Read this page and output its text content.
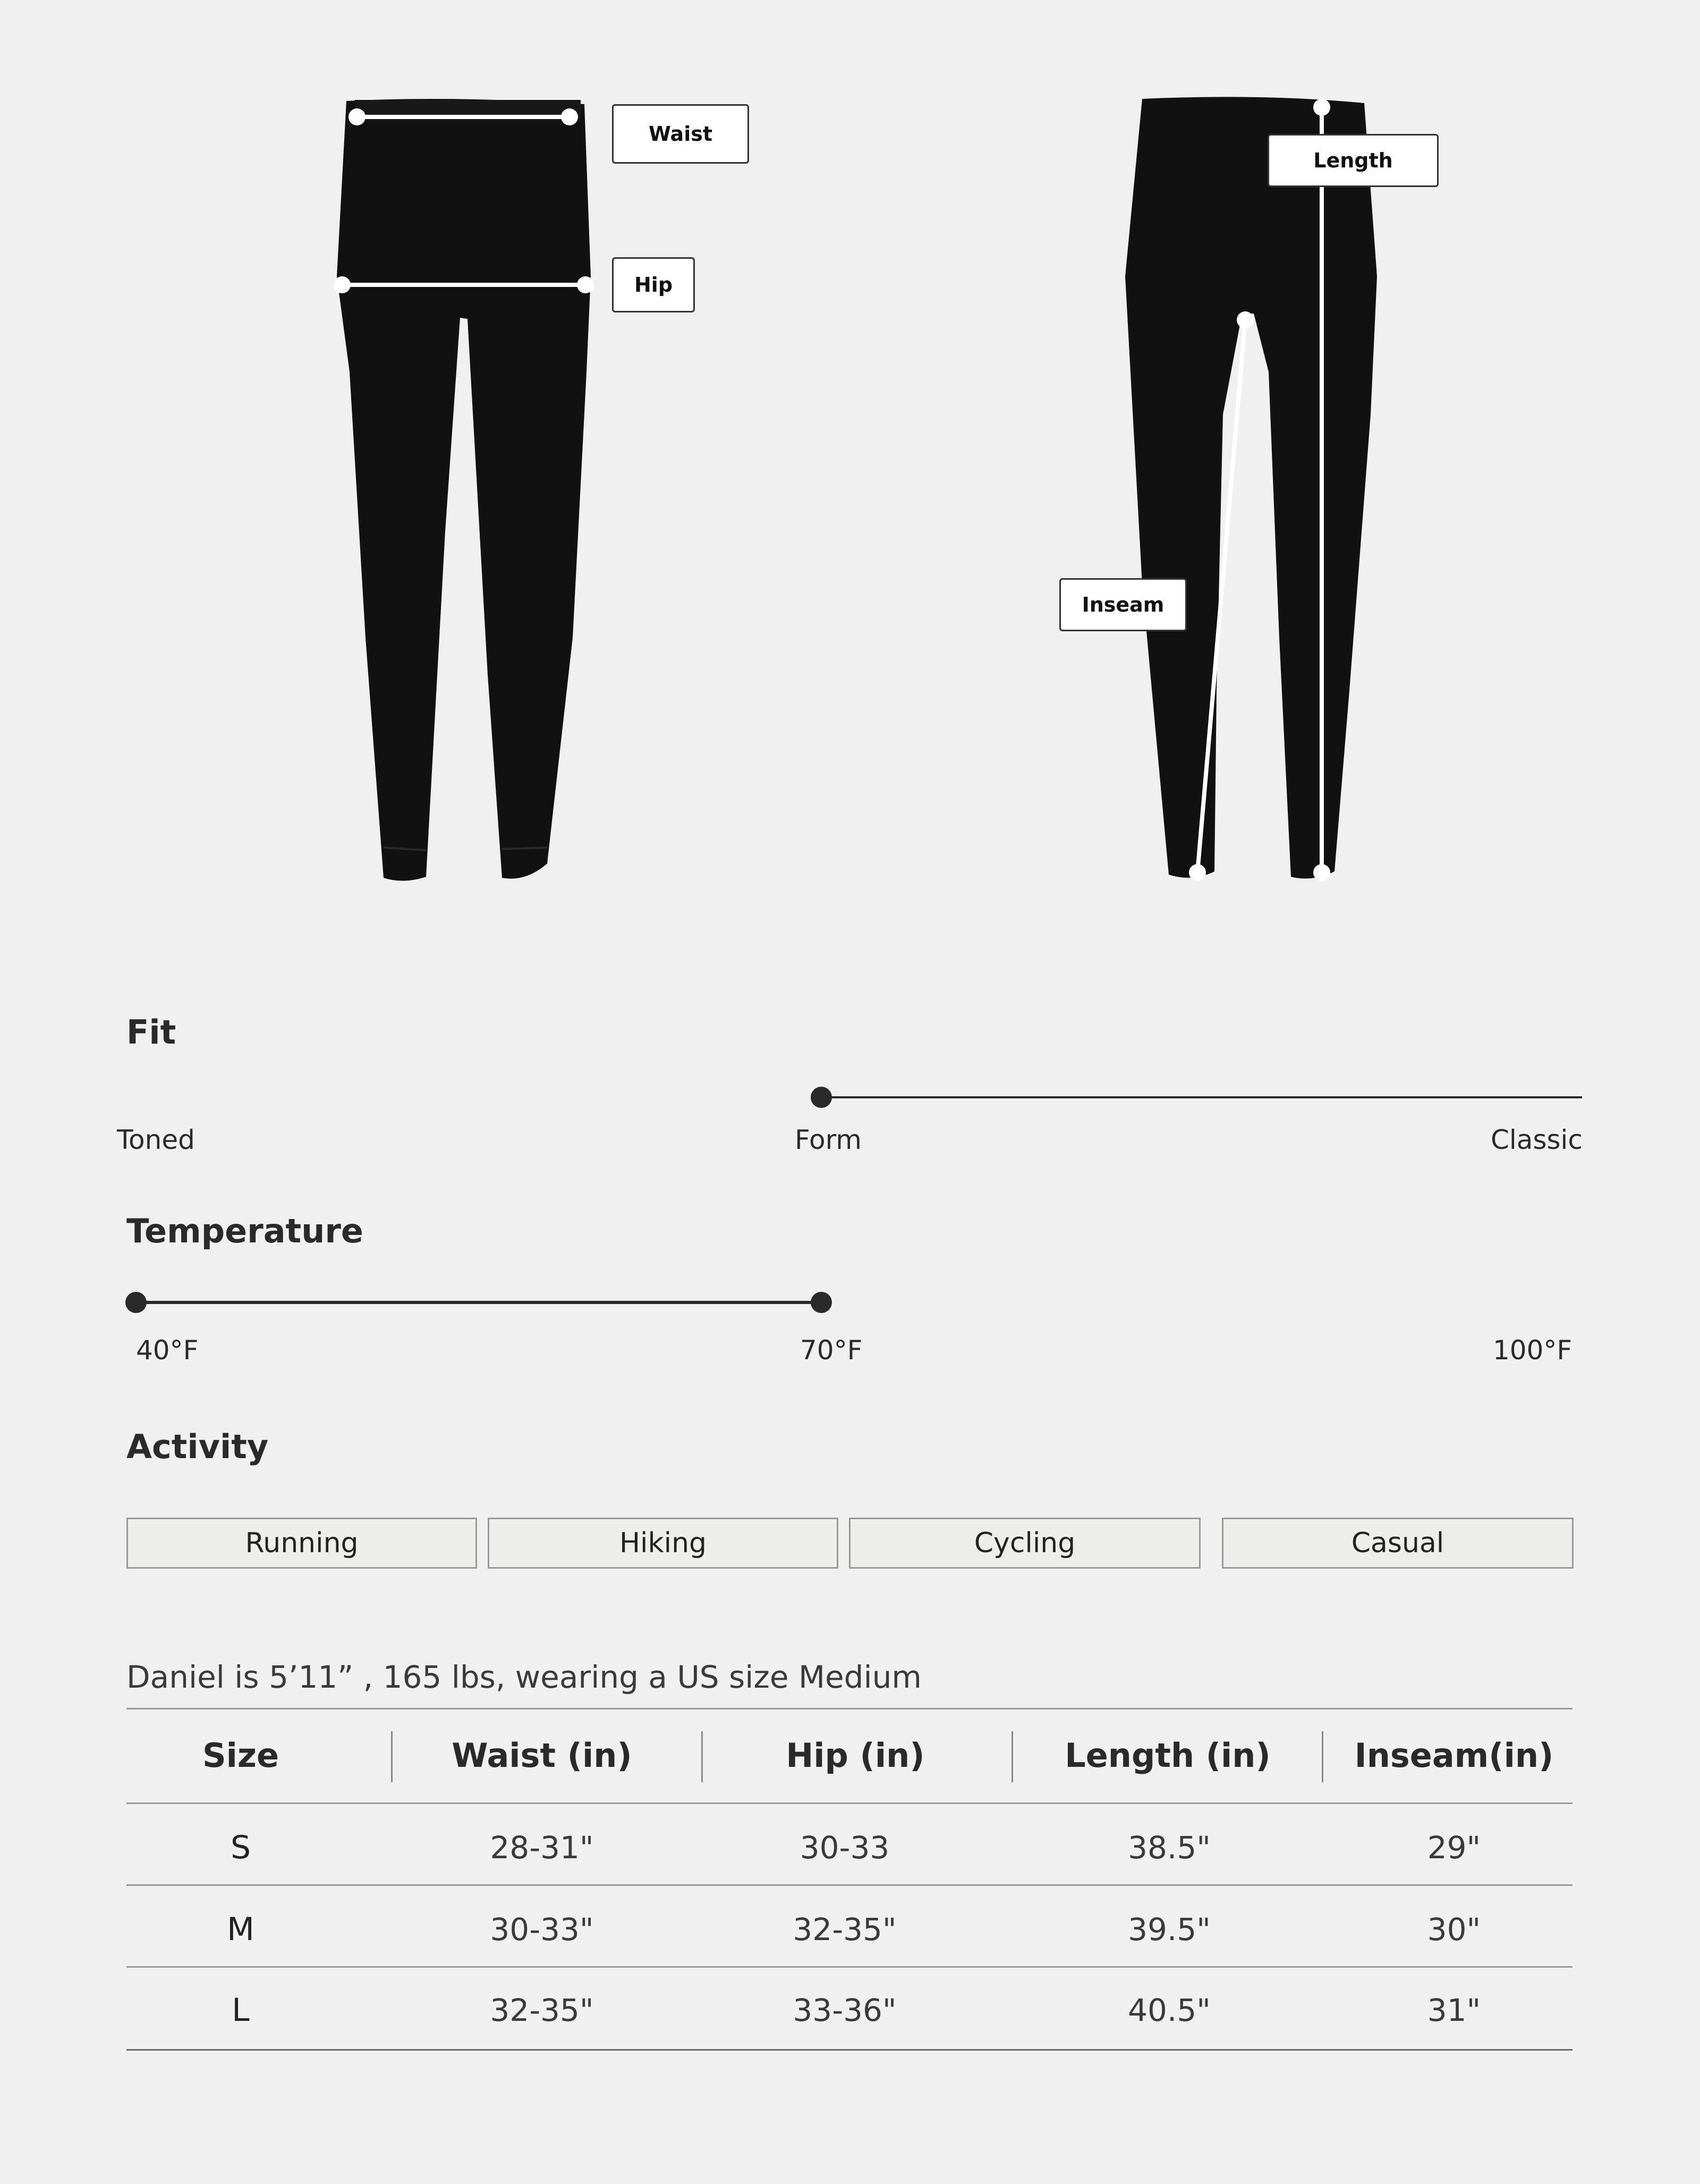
Waist
Hip
Length
Inseam
Fit
Toned	Form	Classic
Temperature
40°F	70°F	100°F
Activity
Running	Hiking	Cycling	Casual
Daniel is 5’11” , 165 lbs, wearing a US size Medium
Size	Waist (in)	Hip (in)	Length (in)	Inseam(in)
S	28-31"	30-33	38.5"	29"
M	30-33"	32-35"	39.5"	30"
L	32-35"	33-36"	40.5"	31"
